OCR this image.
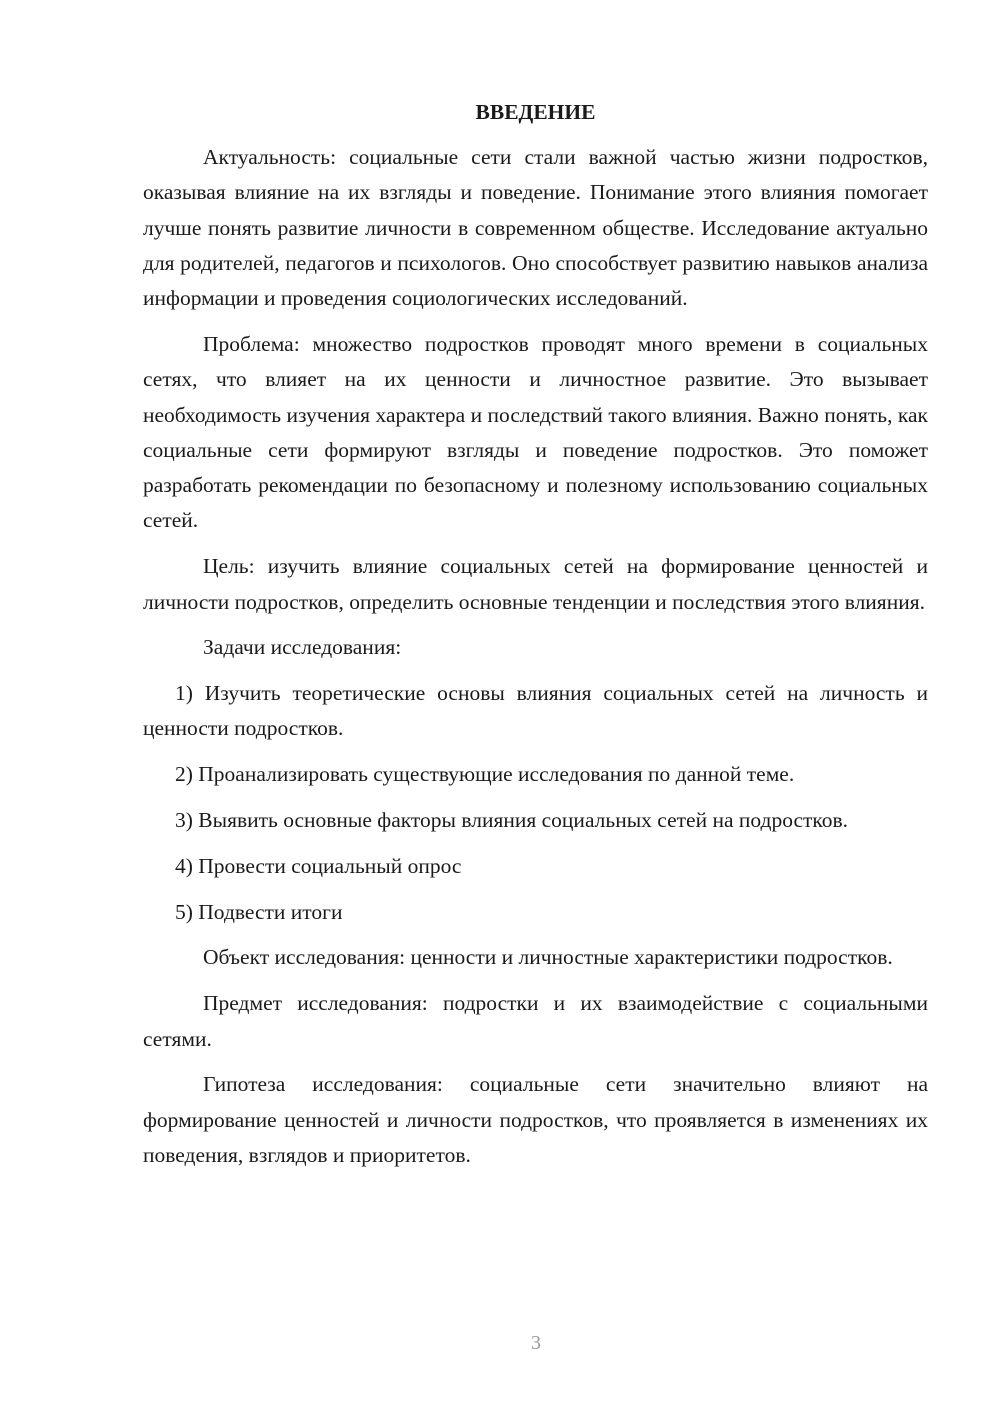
ВВЕДЕНИЕ

Актуальность: социальные сети стали важной частью жизни подростков, оказывая влияние на их взгляды и поведение. Понимание этого влияния помогает лучше понять развитие личности в современном обществе. Исследование актуально для родителей, педагогов и психологов. Оно способствует развитию навыков анализа информации и проведения социологических исследований.

Проблема: множество подростков проводят много времени в социальных сетях, что влияет на их ценности и личностное развитие. Это вызывает необходимость изучения характера и последствий такого влияния. Важно понять, как социальные сети формируют взгляды и поведение подростков. Это поможет разработать рекомендации по безопасному и полезному использованию социальных сетей.

Цель: изучить влияние социальных сетей на формирование ценностей и личности подростков, определить основные тенденции и последствия этого влияния.

Задачи исследования:

1) Изучить теоретические основы влияния социальных сетей на личность и ценности подростков.

2) Проанализировать существующие исследования по данной теме.

3) Выявить основные факторы влияния социальных сетей на подростков.

4) Провести социальный опрос

5) Подвести итоги

Объект исследования: ценности и личностные характеристики подростков.

Предмет исследования: подростки и их взаимодействие с социальными сетями.

Гипотеза исследования: социальные сети значительно влияют на формирование ценностей и личности подростков, что проявляется в изменениях их поведения, взглядов и приоритетов.

3
